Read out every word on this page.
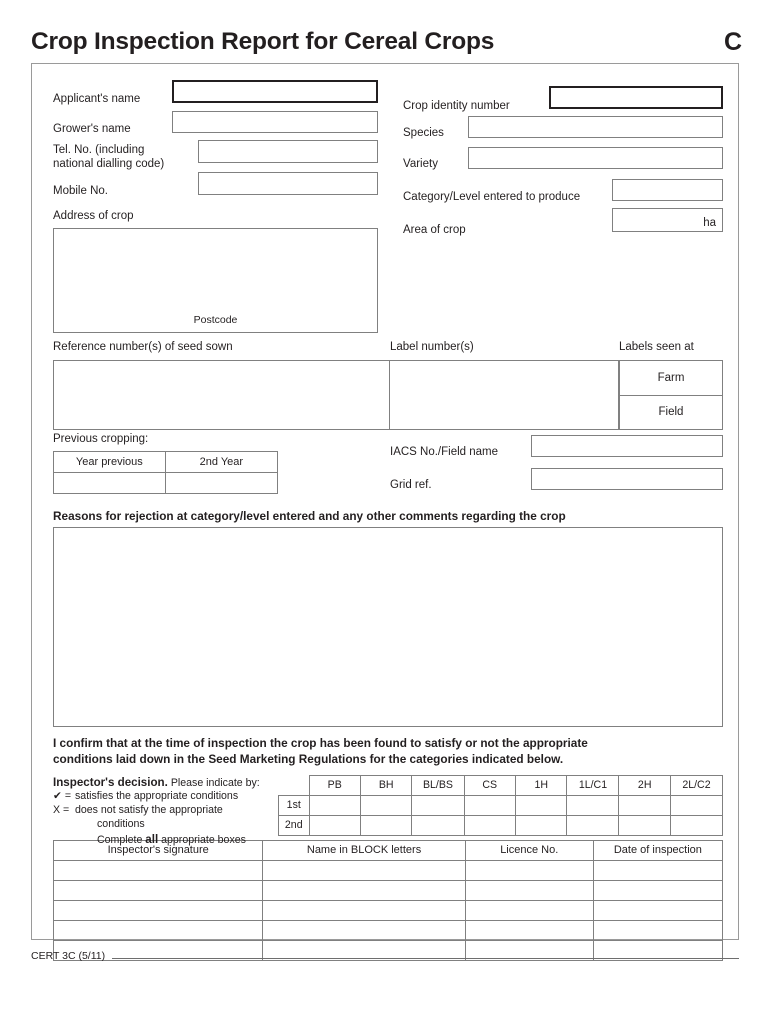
Crop Inspection Report for Cereal Crops	C
Applicant's name
Grower's name
Tel. No. (including
national dialling code)
Mobile No.
Address of crop
Postcode
Crop identity number
Species
Variety
Category/Level entered to produce
Area of crop
ha
Reference number(s) of seed sown	Label number(s)	Labels seen at
Farm
Field
Previous cropping:
Year previous	2nd Year

IACS No./Field name
Grid ref.
Reasons for rejection at category/level entered and any other comments regarding the crop
I confirm that at the time of inspection the crop has been found to satisfy or not the appropriate
conditions laid down in the Seed Marketing Regulations for the categories indicated below.
Inspector's decision. Please indicate by:
✔ = satisfies the appropriate conditions
X = does not satisfy the appropriate
conditions
Complete all appropriate boxes
	PB	BH	BL/BS	CS	1H	1L/C1	2H	2L/C2
1st								
2nd								
Inspector's signature	Name in BLOCK letters	Licence No.	Date of inspection

CERT 3C (5/11)
